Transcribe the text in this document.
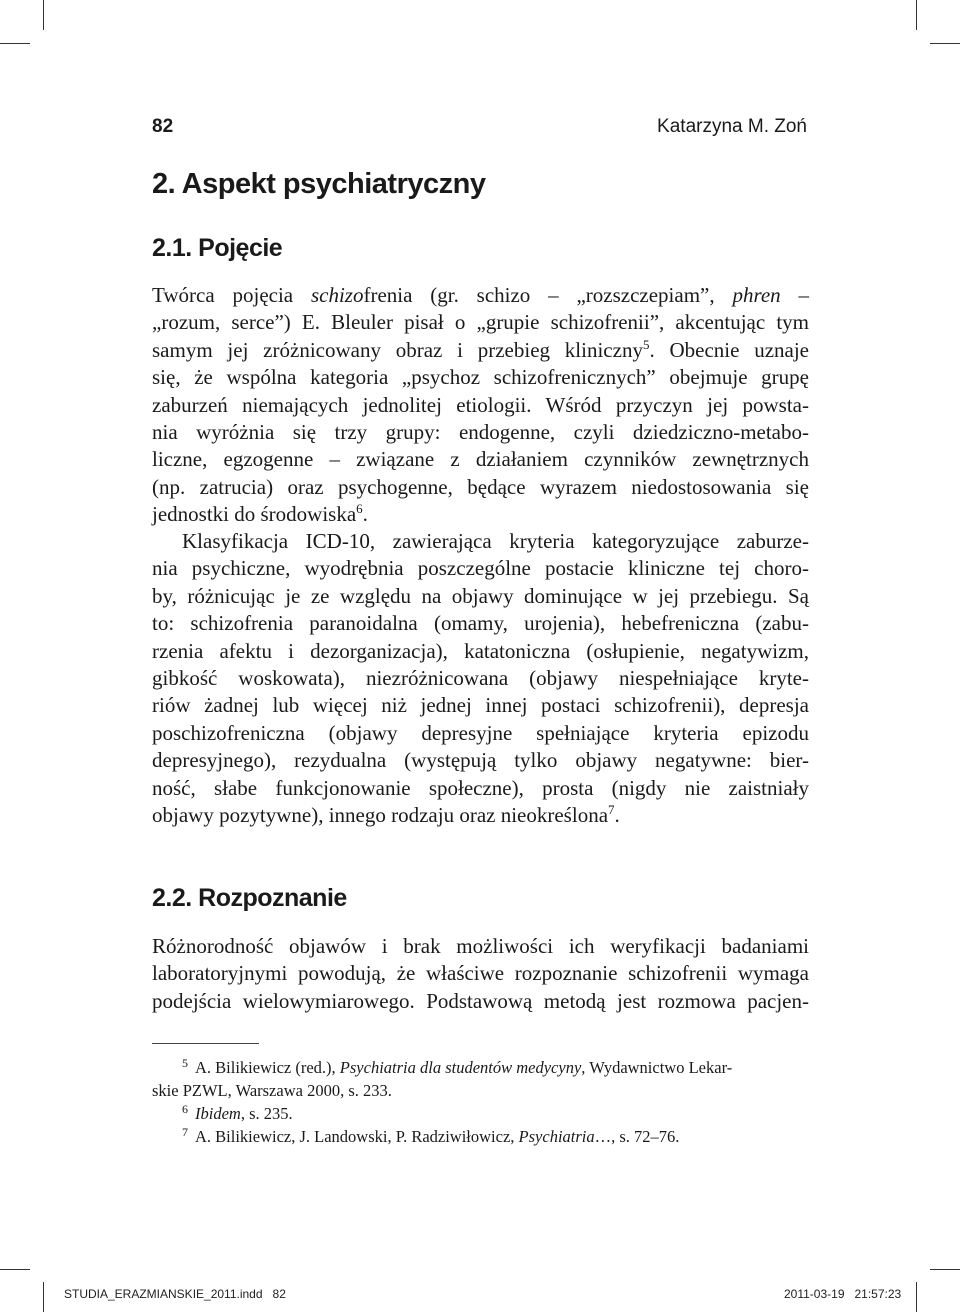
82	Katarzyna M. Zoń
2. Aspekt psychiatryczny
2.1. Pojęcie
Twórca pojęcia schizofrenia (gr. schizo – „rozszczepiam”, phren –
„rozum, serce”) E. Bleuler pisał o „grupie schizofrenii”, akcentując tym
samym jej zróżnicowany obraz i przebieg kliniczny$^5$. Obecnie uznaje
się, że wspólna kategoria „psychoz schizofrenicznych” obejmuje grupę
zaburzeń niemających jednolitej etiologii. Wśród przyczyn jej powsta-
nia wyróżnia się trzy grupy: endogenne, czyli dziedziczno-metabo-
liczne, egzogenne – związane z działaniem czynników zewnętrznych
(np. zatrucia) oraz psychogenne, będące wyrazem niedostosowania się
jednostki do środowiska$^6$.
Klasyfikacja ICD-10, zawierająca kryteria kategoryzujące zaburze-
nia psychiczne, wyodrębnia poszczególne postacie kliniczne tej choro-
by, różnicując je ze względu na objawy dominujące w jej przebiegu. Są
to: schizofrenia paranoidalna (omamy, urojenia), hebefreniczna (zabu-
rzenia afektu i dezorganizacja), katatoniczna (osłupienie, negatywizm,
gibkość woskowata), niezróżnicowana (objawy niespełniające kryte-
riów żadnej lub więcej niż jednej innej postaci schizofrenii), depresja
poschizofreniczna (objawy depresyjne spełniające kryteria epizodu
depresyjnego), rezydualna (występują tylko objawy negatywne: bier-
ność, słabe funkcjonowanie społeczne), prosta (nigdy nie zaistniały
objawy pozytywne), innego rodzaju oraz nieokreślona$^7$.
2.2. Rozpoznanie
Różnorodność objawów i brak możliwości ich weryfikacji badaniami
laboratoryjnymi powodują, że właściwe rozpoznanie schizofrenii wymaga
podejścia wielowymiarowego. Podstawową metodą jest rozmowa pacjen-
$^5$ A. Bilikiewicz (red.), Psychiatria dla studentów medycyny, Wydawnictwo Lekar-
skie PZWL, Warszawa 2000, s. 233.
$^6$ Ibidem, s. 235.
$^7$ A. Bilikiewicz, J. Landowski, P. Radziwiłowicz, Psychiatria…, s. 72–76.
STUDIA_ERAZMIANSKIE_2011.indd   82	2011-03-19   21:57:23
